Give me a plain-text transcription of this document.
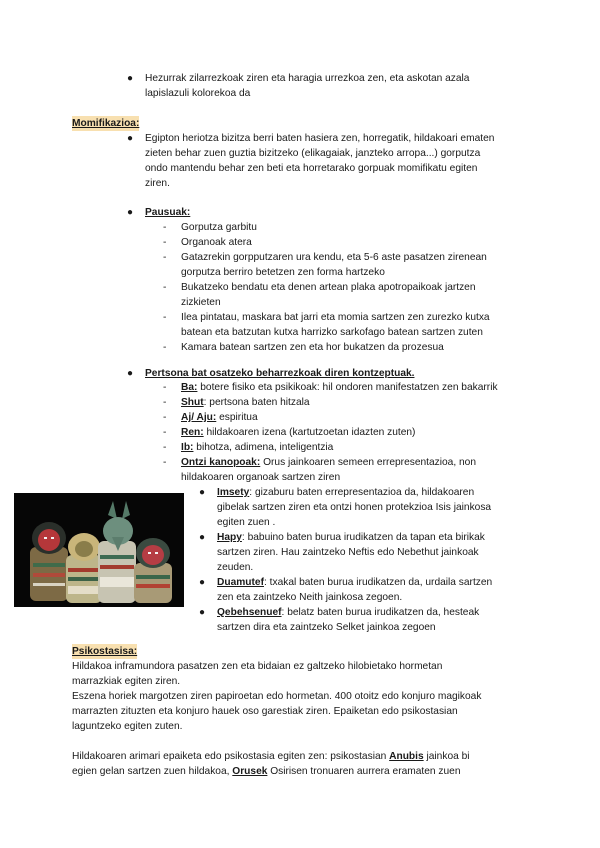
● Hezurrak zilarrezkoak ziren eta haragia urrezkoa zen, eta askotan azala
lapislazuli kolorekoa da
Momifikazioa:
● Egipton heriotza bizitza berri baten hasiera zen, horregatik, hildakoari ematen
zieten behar zuen guztia bizitzeko (elikagaiak, janzteko arropa...) gorputza
ondo mantendu behar zen beti eta horretarako gorpuak momifikatu egiten
ziren.
● Pausuak:
- Gorputza garbitu
- Organoak atera
- Gatazrekin gorpputzaren ura kendu, eta 5-6 aste pasatzen zirenean
gorputza berriro betetzen zen forma hartzeko
- Bukatzeko bendatu eta denen artean plaka apotropaikoak jartzen
zizkieten
- Ilea pintatau, maskara bat jarri eta momia sartzen zen zurezko kutxa
batean eta batzutan kutxa harrizko sarkofago batean sartzen zuten
- Kamara batean sartzen zen eta hor bukatzen da prozesua
● Pertsona bat osatzeko beharrezkoak diren kontzeptuak.
- Ba: botere fisiko eta psikikoak: hil ondoren manifestatzen zen bakarrik
- Shut: pertsona baten hitzala
- Aj/ Aju: espiritua
- Ren: hildakoaren izena (kartutzoetan idazten zuten)
- Ib: bihotza, adimena, inteligentzia
- Ontzi kanopoak: Orus jainkoaren semeen errepresentazioa, non
hildakoaren organoak sartzen ziren
● Imsety: gizaburu baten errepresentazioa da, hildakoaren
gibelak sartzen ziren eta ontzi honen protekzioa Isis jainkosa
egiten zuen .
● Hapy: babuino baten burua irudikatzen da tapan eta birikak
sartzen ziren. Hau zaintzeko Neftis edo Nebethut jainkoak
zeuden.
● Duamutef: txakal baten burua irudikatzen da, urdaila sartzen
zen eta zaintzeko Neith jainkosa zegoen.
● Qebehsenuef: belatz baten burua irudikatzen da, hesteak
sartzen dira eta zaintzeko Selket jainkoa zegoen
Psikostasisa:
Hildakoa inframundora pasatzen zen eta bidaian ez galtzeko hilobietako hormetan
marrazkiak egiten ziren.
Eszena horiek margotzen ziren papiroetan edo hormetan. 400 otoitz edo konjuro magikoak
marrazten zituzten eta konjuro hauek oso garestiak ziren. Epaiketan edo psikostasian
laguntzeko egiten zuten.
Hildakoaren arimari epaiketa edo psikostasia egiten zen: psikostasian Anubis jainkoa bi
egien gelan sartzen zuen hildakoa, Orusek Osirisen tronuaren aurrera eramaten zuen
